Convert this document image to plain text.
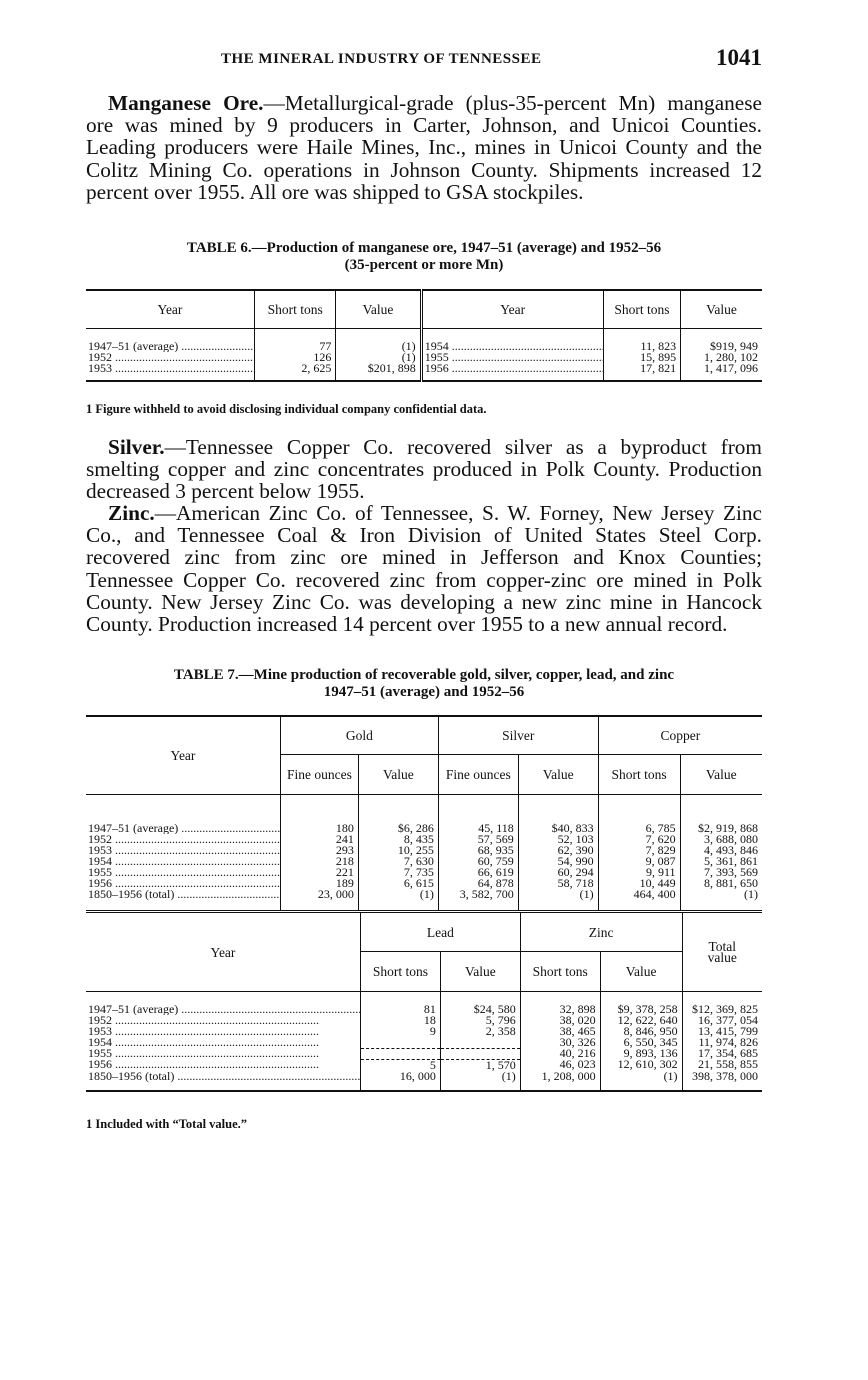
THE MINERAL INDUSTRY OF TENNESSEE	1041
Manganese Ore.—Metallurgical-grade (plus-35-percent Mn) manganese ore was mined by 9 producers in Carter, Johnson, and Unicoi Counties. Leading producers were Haile Mines, Inc., mines in Unicoi County and the Colitz Mining Co. operations in Johnson County. Shipments increased 12 percent over 1955. All ore was shipped to GSA stockpiles.
TABLE 6.—Production of manganese ore, 1947–51 (average) and 1952–56
(35-percent or more Mn)
Year	Short tons	Value	Year	Short tons	Value
1947–51 (average) .....	77	(1)	1954 .....	11, 823	$919, 949
1952 .....	126	(1)	1955 .....	15, 895	1, 280, 102
1953 .....	2, 625	$201, 898	1956 .....	17, 821	1, 417, 096
1 Figure withheld to avoid disclosing individual company confidential data.
Silver.—Tennessee Copper Co. recovered silver as a byproduct from smelting copper and zinc concentrates produced in Polk County. Production decreased 3 percent below 1955.
Zinc.—American Zinc Co. of Tennessee, S. W. Forney, New Jersey Zinc Co., and Tennessee Coal & Iron Division of United States Steel Corp. recovered zinc from zinc ore mined in Jefferson and Knox Counties; Tennessee Copper Co. recovered zinc from copper-zinc ore mined in Polk County. New Jersey Zinc Co. was developing a new zinc mine in Hancock County. Production increased 14 percent over 1955 to a new annual record.
TABLE 7.—Mine production of recoverable gold, silver, copper, lead, and zinc
1947–51 (average) and 1952–56
Year	Gold		Silver		Copper	
	Fine ounces	Value	Fine ounces	Value	Short tons	Value
1947–51 (average) .....	180	$6, 286	45, 118	$40, 833	6, 785	$2, 919, 868
1952 .....	241	8, 435	57, 569	52, 103	7, 620	3, 688, 080
1953 .....	293	10, 255	68, 935	62, 390	7, 829	4, 493, 846
1954 .....	218	7, 630	60, 759	54, 990	9, 087	5, 361, 861
1955 .....	221	7, 735	66, 619	60, 294	9, 911	7, 393, 569
1956 .....	189	6, 615	64, 878	58, 718	10, 449	8, 881, 650
1850–1956 (total) .....	23, 000	(1)	3, 582, 700	(1)	464, 400	(1)
Year	Lead		Zinc		Total value
	Short tons	Value	Short tons	Value	
1947–51 (average) .....	81	$24, 580	32, 898	$9, 378, 258	$12, 369, 825
1952 .....	18	5, 796	38, 020	12, 622, 640	16, 377, 054
1953 .....	9	2, 358	38, 465	8, 846, 950	13, 415, 799
1954 .....			30, 326	6, 550, 345	11, 974, 826
1955 .....			40, 216	9, 893, 136	17, 354, 685
1956 .....	5	1, 570	46, 023	12, 610, 302	21, 558, 855
1850–1956 (total) .....	16, 000	(1)	1, 208, 000	(1)	398, 378, 000
1 Included with “Total value.”
